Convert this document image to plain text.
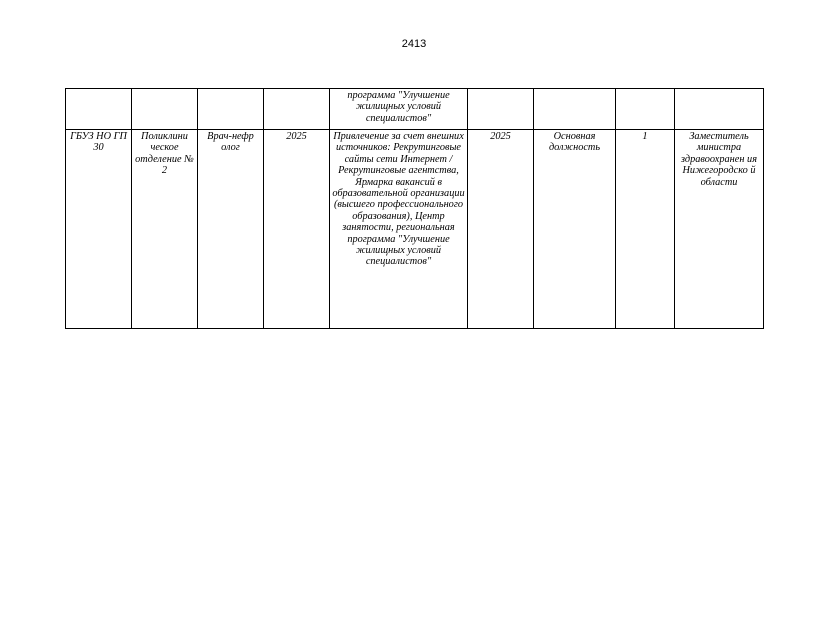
2413

				программа "Улучшение жилищных условий специалистов"				

ГБУЗ НО ГП 30	Поликлини ческое отделение № 2	Врач-нефр олог	2025	Привлечение за счет внешних источников: Рекрутинговые сайты сети Интернет / Рекрутинговые агентства, Ярмарка вакансий в образовательной организации (высшего профессионального образования), Центр занятости, региональная программа "Улучшение жилищных условий специалистов"	2025	Основная должность	1	Заместитель министра здравоохранен ия Нижегородско й области
